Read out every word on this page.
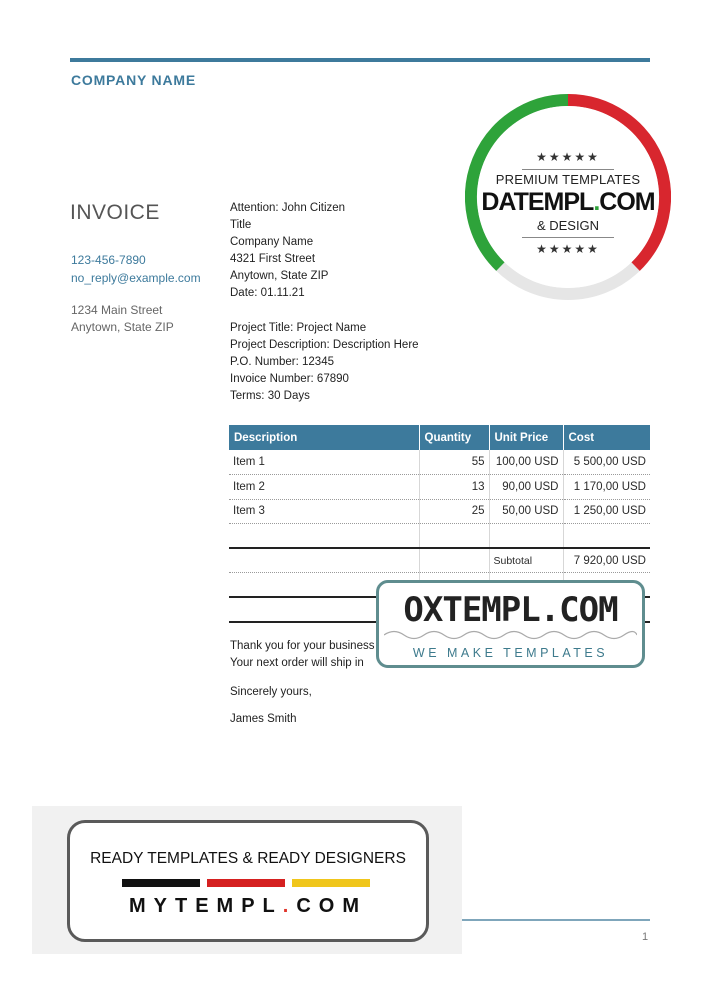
COMPANY NAME
INVOICE
123-456-7890
no_reply@example.com
1234 Main Street
Anytown, State ZIP
Attention: John Citizen
Title
Company Name
4321 First Street
Anytown, State ZIP
Date: 01.11.21
Project Title: Project Name
Project Description: Description Here
P.O. Number: 12345
Invoice Number: 67890
Terms: 30 Days
Description	Quantity	Unit Price	Cost
Item 1	55	100,00 USD	5 500,00 USD
Item 2	13	90,00 USD	1 170,00 USD
Item 3	25	50,00 USD	1 250,00 USD

		Subtotal	7 920,00 USD

Thank you for your business
Your next order will ship in
Sincerely yours,
James Smith
1
★★★★★
PREMIUM TEMPLATES
DATEMPL.COM
& DESIGN
★★★★★
OXTEMPL.COM
WE MAKE TEMPLATES
READY TEMPLATES & READY DESIGNERS
MYTEMPL.COM
